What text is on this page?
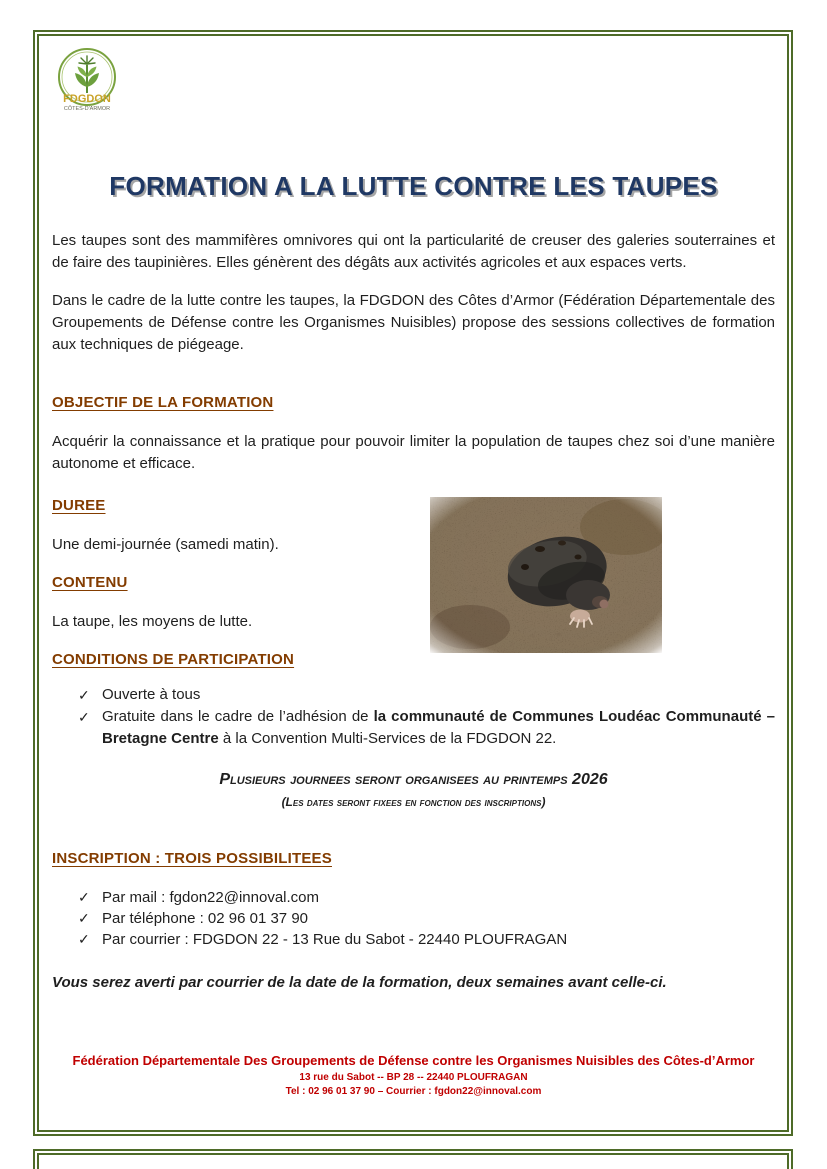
FDGDON
CÔTES-D'ARMOR
FORMATION A LA LUTTE CONTRE LES TAUPES

Les taupes sont des mammifères omnivores qui ont la particularité de creuser des galeries souterraines et de faire des taupinières. Elles génèrent des dégâts aux activités agricoles et aux espaces verts.

Dans le cadre de la lutte contre les taupes, la FDGDON des Côtes d’Armor (Fédération Départementale des Groupements de Défense contre les Organismes Nuisibles) propose des sessions collectives de formation aux techniques de piégeage.

OBJECTIF DE LA FORMATION

Acquérir la connaissance et la pratique pour pouvoir limiter la population de taupes chez soi d’une manière autonome et efficace.

DUREE

Une demi-journée (samedi matin).

CONTENU

La taupe, les moyens de lutte.

CONDITIONS DE PARTICIPATION
✓ Ouverte à tous
✓ Gratuite dans le cadre de l’adhésion de la communauté de Communes Loudéac Communauté – Bretagne Centre à la Convention Multi-Services de la FDGDON 22.
Plusieurs journees seront organisees au printemps 2026
(Les dates seront fixees en fonction des inscriptions)
INSCRIPTION : TROIS POSSIBILITEES
✓ Par mail : fgdon22@innoval.com
✓ Par téléphone : 02 96 01 37 90
✓ Par courrier : FDGDON 22 - 13 Rue du Sabot - 22440 PLOUFRAGAN

Vous serez averti par courrier de la date de la formation, deux semaines avant celle-ci.

Fédération Départementale Des Groupements de Défense contre les Organismes Nuisibles des Côtes-d’Armor
13 rue du Sabot -- BP 28 -- 22440 PLOUFRAGAN
Tel : 02 96 01 37 90 – Courrier : fgdon22@innoval.com
